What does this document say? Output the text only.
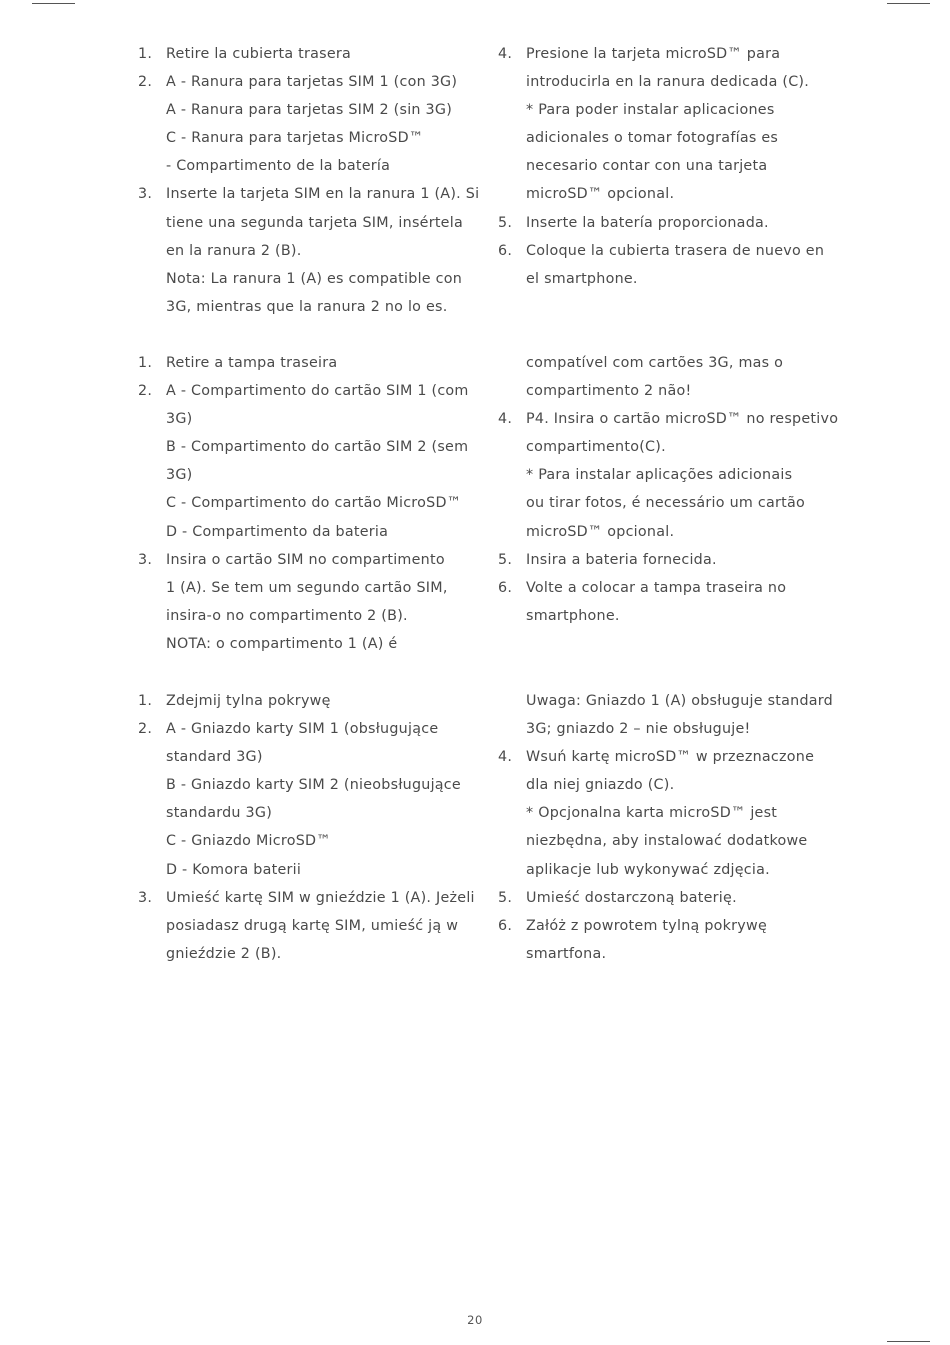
1. Retire la cubierta trasera
2. A - Ranura para tarjetas SIM 1 (con 3G)
A - Ranura para tarjetas SIM 2 (sin 3G)
C - Ranura para tarjetas MicroSD™
- Compartimento de la batería
3. Inserte la tarjeta SIM en la ranura 1 (A). Si
tiene una segunda tarjeta SIM, insértela
en la ranura 2 (B).
Nota: La ranura 1 (A) es compatible con
3G, mientras que la ranura 2 no lo es.
4. Presione la tarjeta microSD™ para
introducirla en la ranura dedicada (C).
* Para poder instalar aplicaciones
adicionales o tomar fotografías es
necesario contar con una tarjeta
microSD™ opcional.
5. Inserte la batería proporcionada.
6. Coloque la cubierta trasera de nuevo en
el smartphone.
1. Retire a tampa traseira
2. A - Compartimento do cartão SIM 1 (com
3G)
B - Compartimento do cartão SIM 2 (sem
3G)
C - Compartimento do cartão MicroSD™
D - Compartimento da bateria
3. Insira o cartão SIM no compartimento
1 (A). Se tem um segundo cartão SIM,
insira-o no compartimento 2 (B).
NOTA: o compartimento 1 (A) é
compatível com cartões 3G, mas o
compartimento 2 não!
4. P4. Insira o cartão microSD™ no respetivo
compartimento(C).
* Para instalar aplicações adicionais
ou tirar fotos, é necessário um cartão
microSD™ opcional.
5. Insira a bateria fornecida.
6. Volte a colocar a tampa traseira no
smartphone.
1. Zdejmij tylna pokrywę
2. A - Gniazdo karty SIM 1 (obsługujące
standard 3G)
B - Gniazdo karty SIM 2 (nieobsługujące
standardu 3G)
C - Gniazdo MicroSD™
D - Komora baterii
3. Umieść kartę SIM w gnieździe 1 (A). Jeżeli
posiadasz drugą kartę SIM, umieść ją w
gnieździe 2 (B).
Uwaga: Gniazdo 1 (A) obsługuje standard
3G; gniazdo 2 – nie obsługuje!
4. Wsuń kartę microSD™ w przeznaczone
dla niej gniazdo (C).
* Opcjonalna karta microSD™ jest
niezbędna, aby instalować dodatkowe
aplikacje lub wykonywać zdjęcia.
5. Umieść dostarczoną baterię.
6. Załóż z powrotem tylną pokrywę
smartfona.
20
